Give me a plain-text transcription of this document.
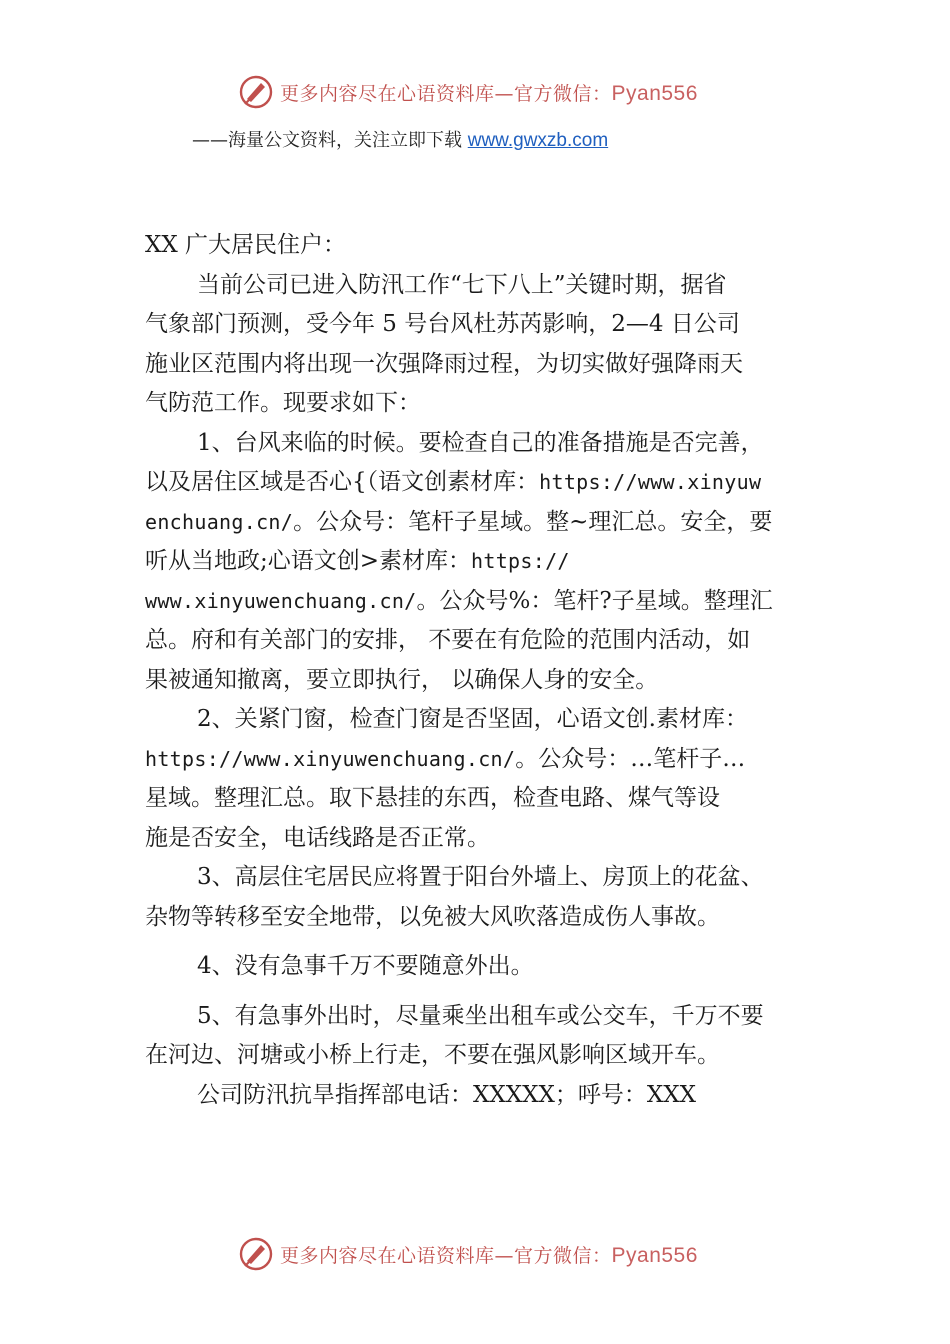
更多内容尽在心语资料库—官方微信：Pyan556
——海量公文资料，关注立即下载 www.gwxzb.com
XX 广大居民住户：
当前公司已进入防汛工作“七下八上”关键时期，据省
气象部门预测，受今年 5 号台风杜苏芮影响，2—4 日公司
施业区范围内将出现一次强降雨过程，为切实做好强降雨天
气防范工作。现要求如下：
1、台风来临的时候。要检查自己的准备措施是否完善，
以及居住区域是否心{（语文创素材库：https://www.xinyuw
enchuang.cn/。公众号：笔杆子星域。整~理汇总。安全，要
听从当地政;心语文创>素材库：https://
www.xinyuwenchuang.cn/。公众号%：笔杆?子星域。整理汇
总。府和有关部门的安排， 不要在有危险的范围内活动，如
果被通知撤离，要立即执行， 以确保人身的安全。
2、关紧门窗，检查门窗是否坚固，心语文创.素材库：
https://www.xinyuwenchuang.cn/。公众号：…笔杆子…
星域。整理汇总。取下悬挂的东西，检查电路、煤气等设
施是否安全，电话线路是否正常。
3、高层住宅居民应将置于阳台外墙上、房顶上的花盆、
杂物等转移至安全地带，以免被大风吹落造成伤人事故。
4、没有急事千万不要随意外出。
5、有急事外出时，尽量乘坐出租车或公交车，千万不要
在河边、河塘或小桥上行走，不要在强风影响区域开车。
公司防汛抗旱指挥部电话：XXXXX；呼号：XXX
更多内容尽在心语资料库—官方微信：Pyan556
